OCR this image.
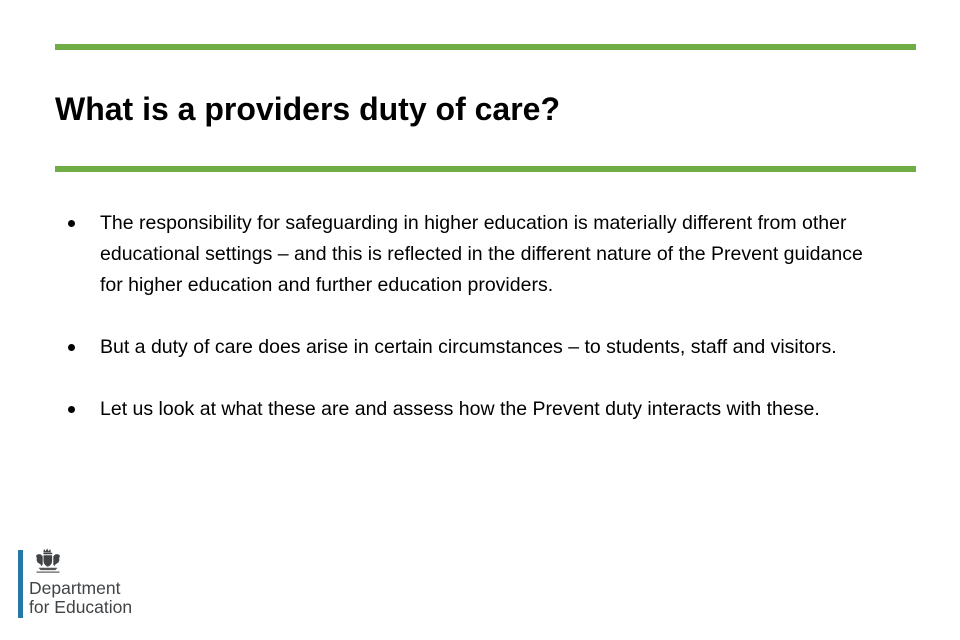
What is a providers duty of care?
The responsibility for safeguarding in higher education is materially different from other educational settings – and this is reflected in the different nature of the Prevent guidance for higher education and further education providers.
But a duty of care does arise in certain circumstances – to students, staff and visitors.
Let us look at what these are and assess how the Prevent duty interacts with these.
Department
for Education
